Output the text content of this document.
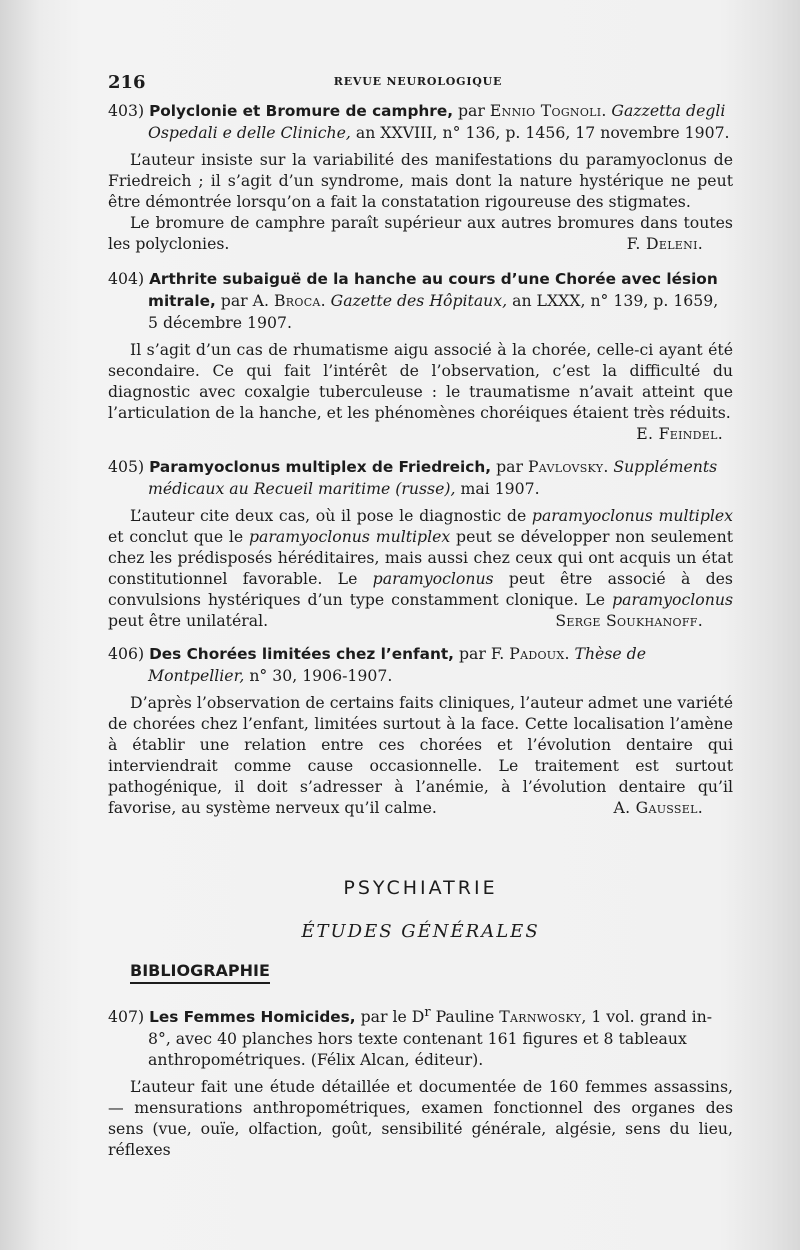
216	REVUE NEUROLOGIQUE

403) Polyclonie et Bromure de camphre, par Ennio Tognoli. Gazzetta degli Ospedali e delle Cliniche, an XXVIII, n° 136, p. 1456, 17 novembre 1907.

L’auteur insiste sur la variabilité des manifestations du paramyoclonus de Friedreich ; il s’agit d’un syndrome, mais dont la nature hystérique ne peut être démontrée lorsqu’on a fait la constatation rigoureuse des stigmates.

Le bromure de camphre paraît supérieur aux autres bromures dans toutes les polyclonies.	F. Deleni.

404) Arthrite subaiguë de la hanche au cours d’une Chorée avec lésion mitrale, par A. Broca. Gazette des Hôpitaux, an LXXX, n° 139, p. 1659, 5 décembre 1907.

Il s’agit d’un cas de rhumatisme aigu associé à la chorée, celle-ci ayant été secondaire. Ce qui fait l’intérêt de l’observation, c’est la difficulté du diagnostic avec coxalgie tuberculeuse : le traumatisme n’avait atteint que l’articulation de la hanche, et les phénomènes choréiques étaient très réduits.

E. Feindel.

405) Paramyoclonus multiplex de Friedreich, par Pavlovsky. Suppléments médicaux au Recueil maritime (russe), mai 1907.

L’auteur cite deux cas, où il pose le diagnostic de paramyoclonus multiplex et conclut que le paramyoclonus multiplex peut se développer non seulement chez les prédisposés héréditaires, mais aussi chez ceux qui ont acquis un état constitutionnel favorable. Le paramyoclonus peut être associé à des convulsions hystériques d’un type constamment clonique. Le paramyoclonus peut être unilatéral.	Serge Soukhanoff.

406) Des Chorées limitées chez l’enfant, par F. Padoux. Thèse de Montpellier, n° 30, 1906-1907.

D’après l’observation de certains faits cliniques, l’auteur admet une variété de chorées chez l’enfant, limitées surtout à la face. Cette localisation l’amène à établir une relation entre ces chorées et l’évolution dentaire qui interviendrait comme cause occasionnelle. Le traitement est surtout pathogénique, il doit s’adresser à l’anémie, à l’évolution dentaire qu’il favorise, au système nerveux qu’il calme.	A. Gaussel.

PSYCHIATRIE
ÉTUDES GÉNÉRALES
BIBLIOGRAPHIE

407) Les Femmes Homicides, par le $D^r$ Pauline Tarnwosky, 1 vol. grand in-8°, avec 40 planches hors texte contenant 161 figures et 8 tableaux anthropométriques. (Félix Alcan, éditeur).

L’auteur fait une étude détaillée et documentée de 160 femmes assassins, — mensurations anthropométriques, examen fonctionnel des organes des sens (vue, ouïe, olfaction, goût, sensibilité générale, algésie, sens du lieu, réflexes
